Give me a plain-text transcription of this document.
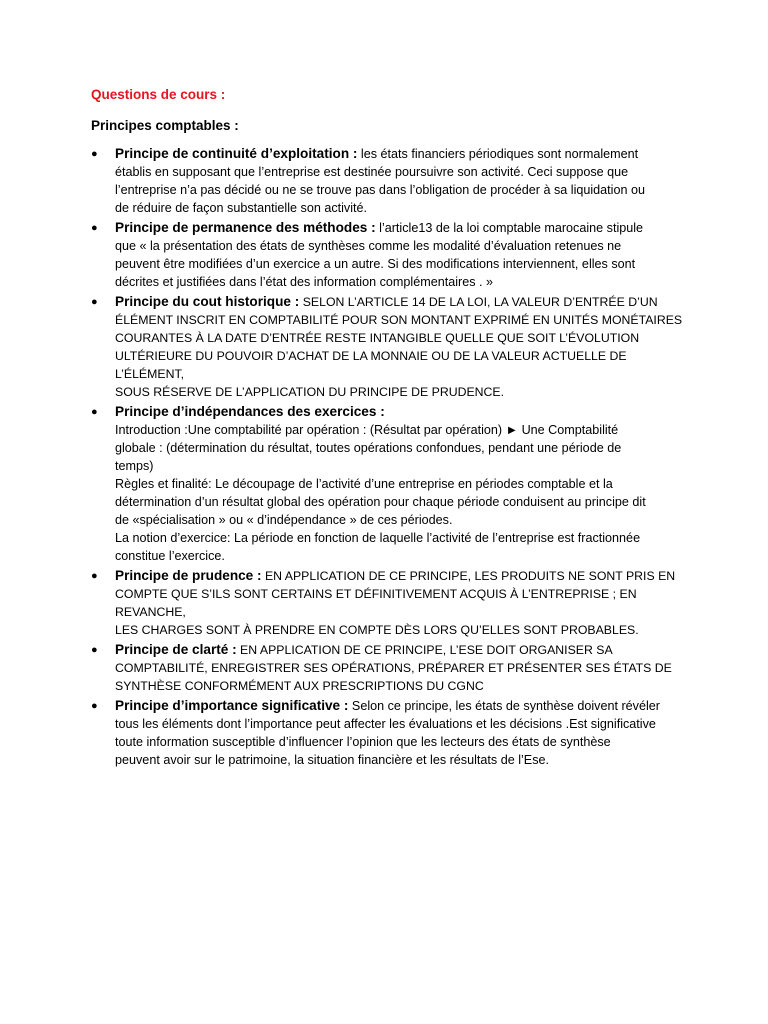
Questions de cours :
Principes comptables :
● Principe de continuité d’exploitation : les états financiers périodiques sont normalement
établis en supposant que l’entreprise est destinée poursuivre son activité. Ceci suppose que
l’entreprise n’a pas décidé ou ne se trouve pas dans l’obligation de procéder à sa liquidation ou
de réduire de façon substantielle son activité.
● Principe de permanence des méthodes : l’article13 de la loi comptable marocaine stipule
que « la présentation des états de synthèses comme les modalité d’évaluation retenues ne
peuvent être modifiées d’un exercice a un autre. Si des modifications interviennent, elles sont
décrites et justifiées dans l’état des information complémentaires . »
● Principe du cout historique : SELON L’ARTICLE 14 DE LA LOI, LA VALEUR D’ENTRÉE D’UN
ÉLÉMENT INSCRIT EN COMPTABILITÉ POUR SON MONTANT EXPRIMÉ EN UNITÉS MONÉTAIRES
COURANTES À LA DATE D’ENTRÉE RESTE INTANGIBLE QUELLE QUE SOIT L’ÉVOLUTION
ULTÉRIEURE DU POUVOIR D’ACHAT DE LA MONNAIE OU DE LA VALEUR ACTUELLE DE L’ÉLÉMENT,
SOUS RÉSERVE DE L’APPLICATION DU PRINCIPE DE PRUDENCE.
● Principe d’indépendances des exercices :
Introduction :Une comptabilité par opération : (Résultat par opération) ► Une Comptabilité
globale : (détermination du résultat, toutes opérations confondues, pendant une période de
temps)
Règles et finalité: Le découpage de l’activité d’une entreprise en périodes comptable et la
détermination d’un résultat global des opération pour chaque période conduisent au principe dit
de «spécialisation » ou « d’indépendance » de ces périodes.
La notion d’exercice: La période en fonction de laquelle l’activité de l’entreprise est fractionnée
constitue l’exercice.
● Principe de prudence : EN APPLICATION DE CE PRINCIPE, LES PRODUITS NE SONT PRIS EN
COMPTE QUE S’ILS SONT CERTAINS ET DÉFINITIVEMENT ACQUIS À L’ENTREPRISE ; EN REVANCHE,
LES CHARGES SONT À PRENDRE EN COMPTE DÈS LORS QU’ELLES SONT PROBABLES.
● Principe de clarté : EN APPLICATION DE CE PRINCIPE, L’ESE DOIT ORGANISER SA
COMPTABILITÉ, ENREGISTRER SES OPÉRATIONS, PRÉPARER ET PRÉSENTER SES ÉTATS DE
SYNTHÈSE CONFORMÉMENT AUX PRESCRIPTIONS DU CGNC
● Principe d’importance significative : Selon ce principe, les états de synthèse doivent révéler
tous les éléments dont l’importance peut affecter les évaluations et les décisions .Est significative
toute information susceptible d’influencer l’opinion que les lecteurs des états de synthèse
peuvent avoir sur le patrimoine, la situation financière et les résultats de l’Ese.
